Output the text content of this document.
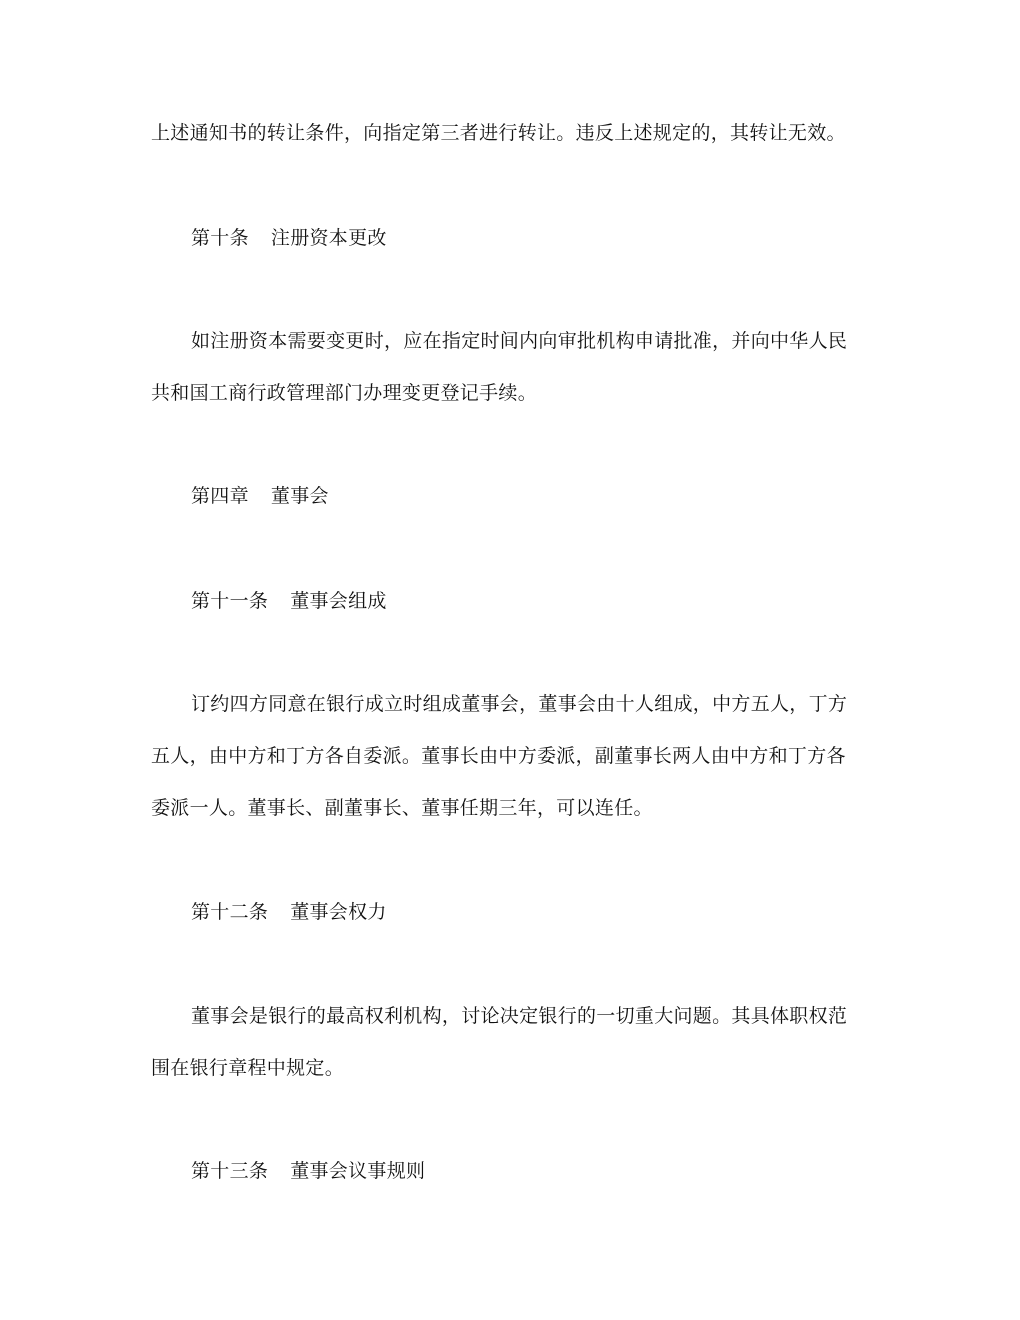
上述通知书的转让条件，向指定第三者进行转让。违反上述规定的，其转让无效。
第十条 注册资本更改
如注册资本需要变更时，应在指定时间内向审批机构申请批准，并向中华人民
共和国工商行政管理部门办理变更登记手续。
第四章 董事会
第十一条 董事会组成
订约四方同意在银行成立时组成董事会，董事会由十人组成，中方五人，丁方
五人，由中方和丁方各自委派。董事长由中方委派，副董事长两人由中方和丁方各
委派一人。董事长、副董事长、董事任期三年，可以连任。
第十二条 董事会权力
董事会是银行的最高权利机构，讨论决定银行的一切重大问题。其具体职权范
围在银行章程中规定。
第十三条 董事会议事规则
